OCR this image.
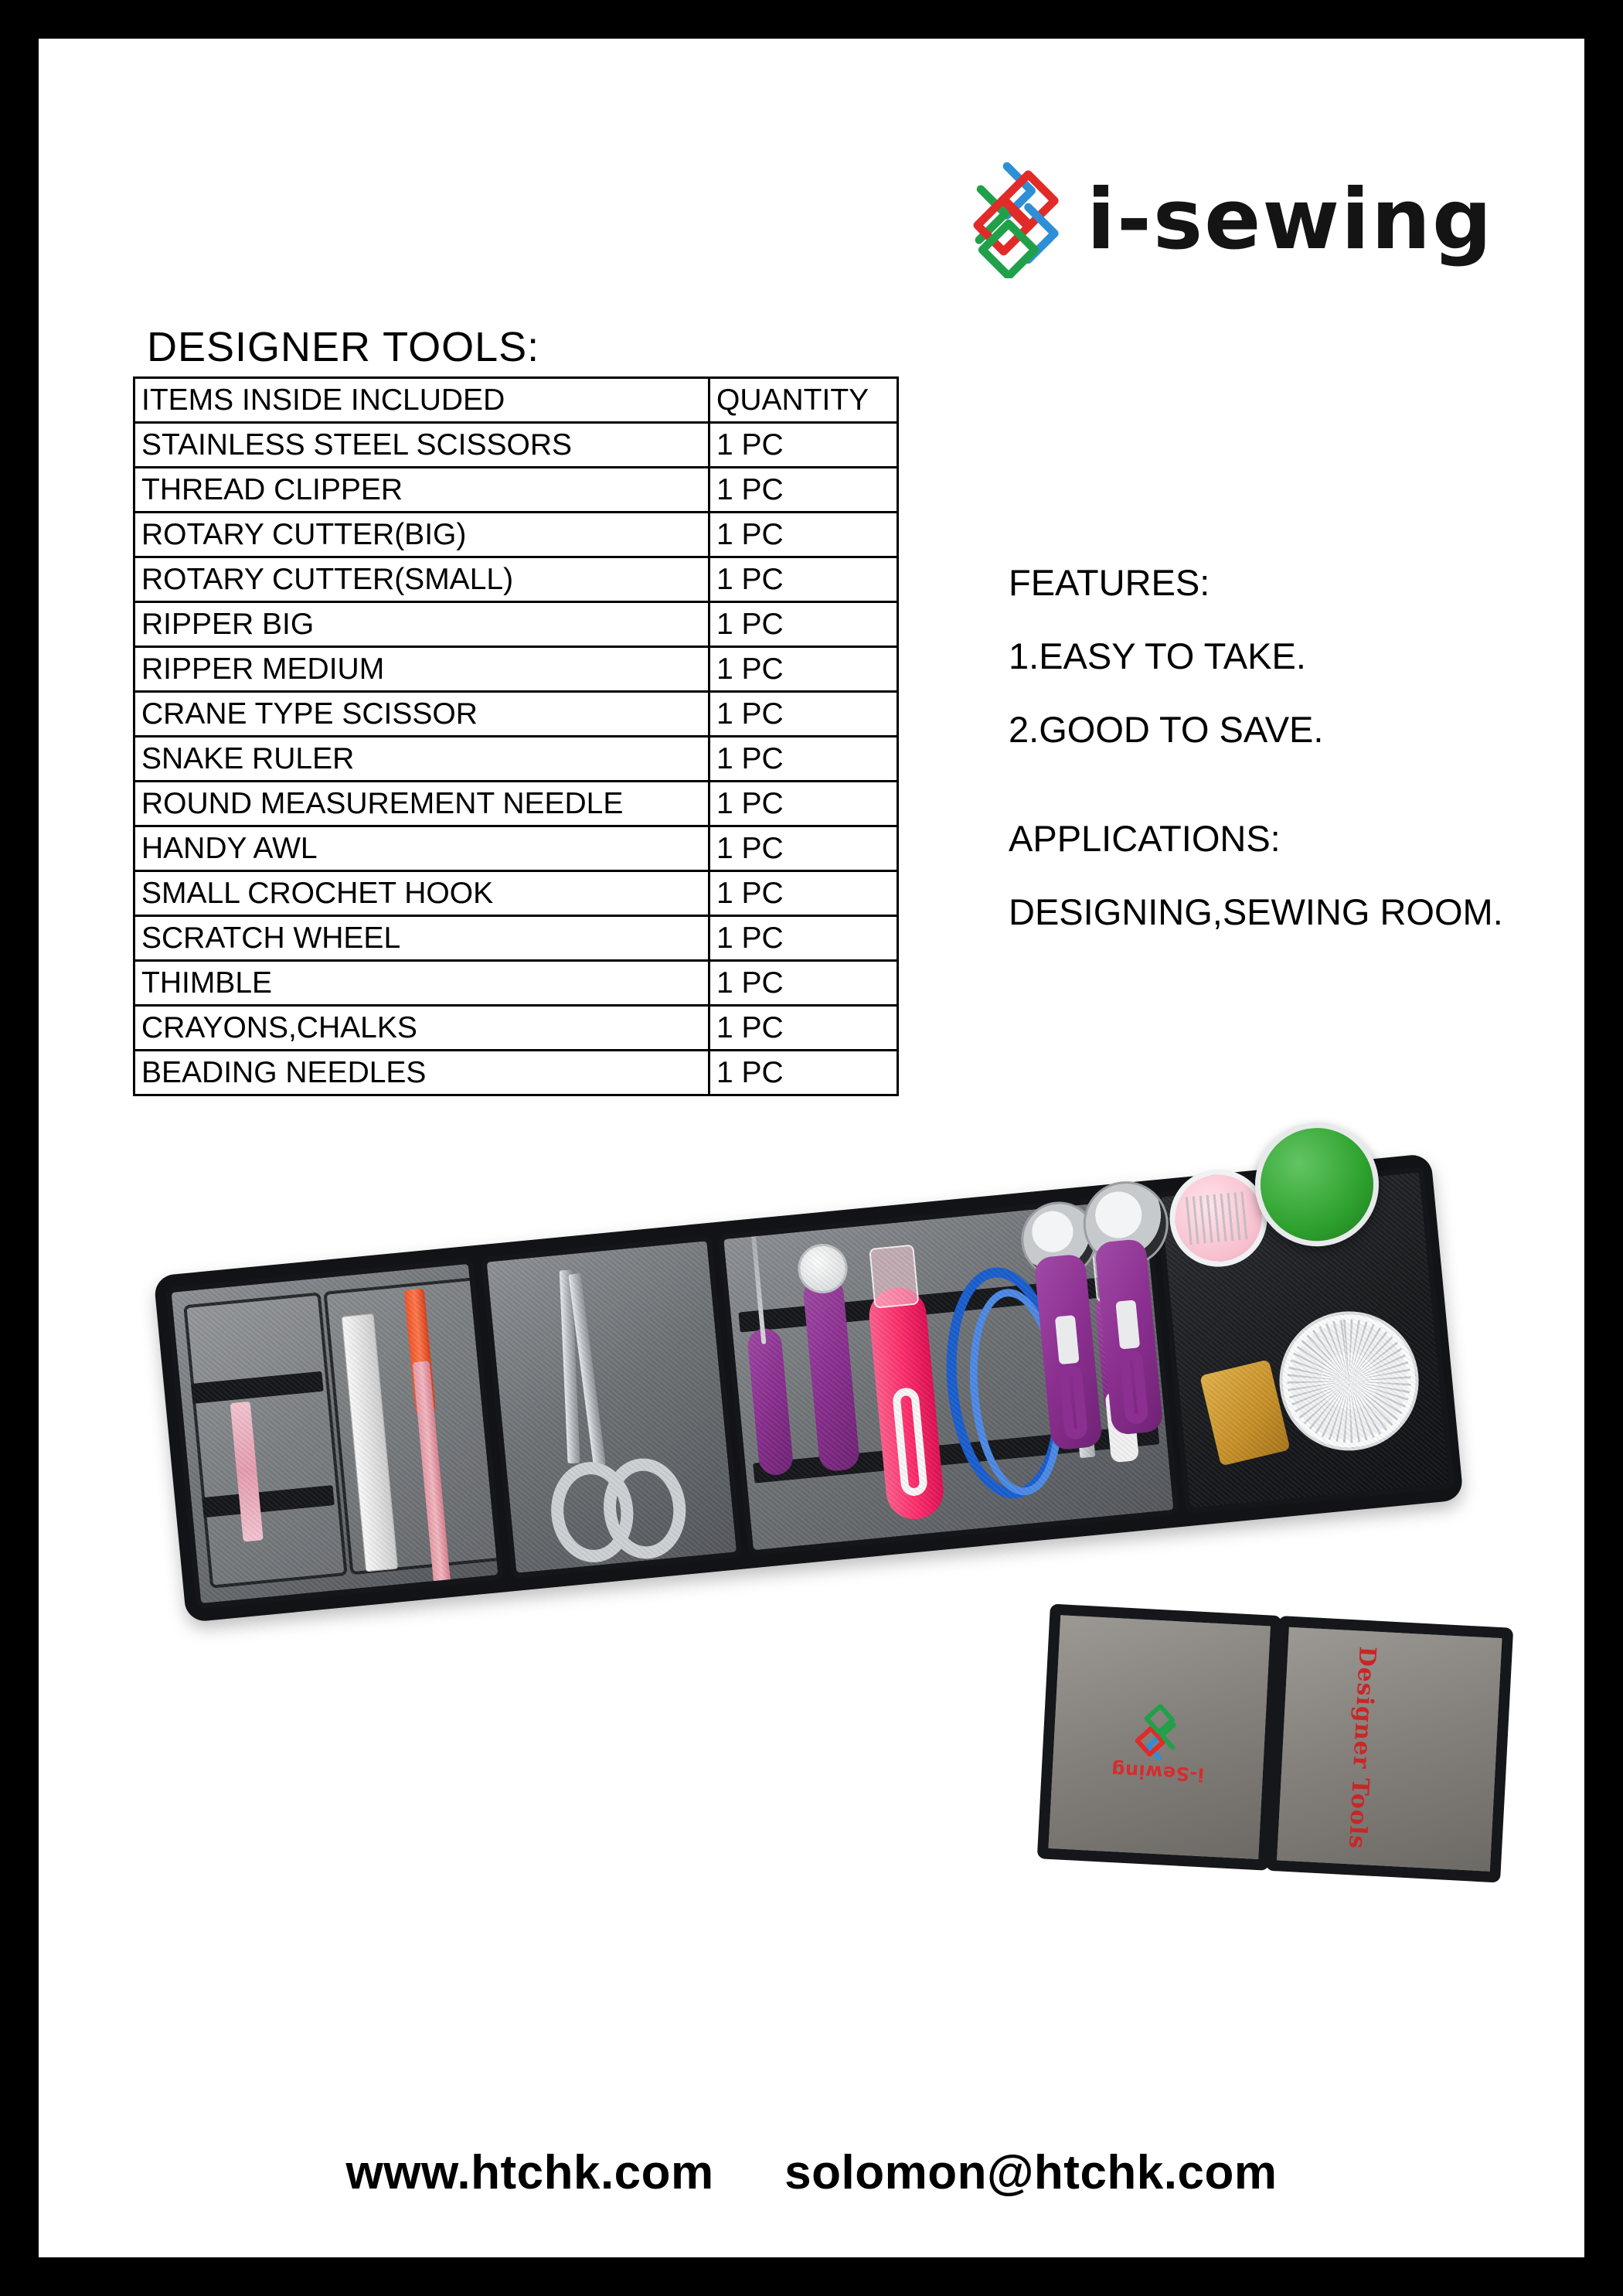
i-sewing
DESIGNER TOOLS:
ITEMS INSIDE INCLUDED	QUANTITY
STAINLESS STEEL SCISSORS	1 PC
THREAD CLIPPER	1 PC
ROTARY CUTTER(BIG)	1 PC
ROTARY CUTTER(SMALL)	1 PC
RIPPER BIG	1 PC
RIPPER MEDIUM	1 PC
CRANE TYPE SCISSOR	1 PC
SNAKE RULER	1 PC
ROUND MEASUREMENT NEEDLE	1 PC
HANDY AWL	1 PC
SMALL CROCHET HOOK	1 PC
SCRATCH WHEEL	1 PC
THIMBLE	1 PC
CRAYONS,CHALKS	1 PC
BEADING NEEDLES	1 PC
FEATURES:
1.EASY TO TAKE.
2.GOOD TO SAVE.
APPLICATIONS:
DESIGNING,SEWING ROOM.
i-Sewing	Designer Tools
www.htchk.com solomon@htchk.com
